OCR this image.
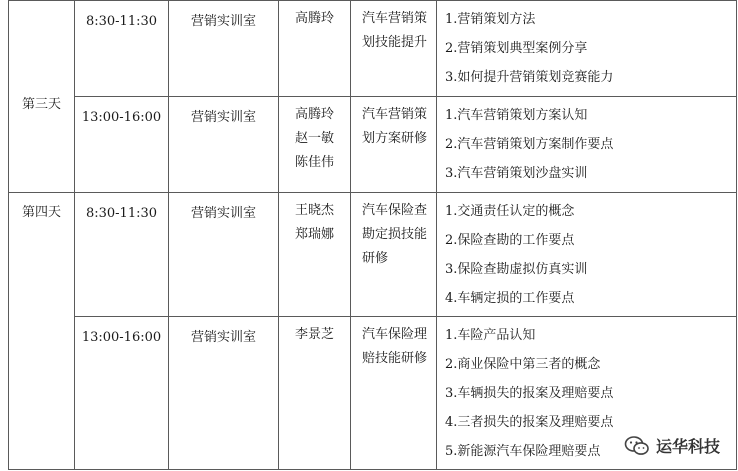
第三天	8:30-11:30	营销实训室	高腾玲	汽车营销策
划技能提升	1.营销策划方法
2.营销策划典型案例分享
3.如何提升营销策划竞赛能力

	13:00-16:00	营销实训室	高腾玲
赵一敏
陈佳伟	汽车营销策
划方案研修	1.汽车营销策划方案认知
2.汽车营销策划方案制作要点
3.汽车营销策划沙盘实训

第四天	8:30-11:30	营销实训室	王晓杰
郑瑞娜	汽车保险查
勘定损技能
研修	1.交通责任认定的概念
2.保险查勘的工作要点
3.保险查勘虚拟仿真实训
4.车辆定损的工作要点

	13:00-16:00	营销实训室	李景芝	汽车保险理
赔技能研修	1.车险产品认知
2.商业保险中第三者的概念
3.车辆损失的报案及理赔要点
4.三者损失的报案及理赔要点
5.新能源汽车保险理赔要点	运华科技
